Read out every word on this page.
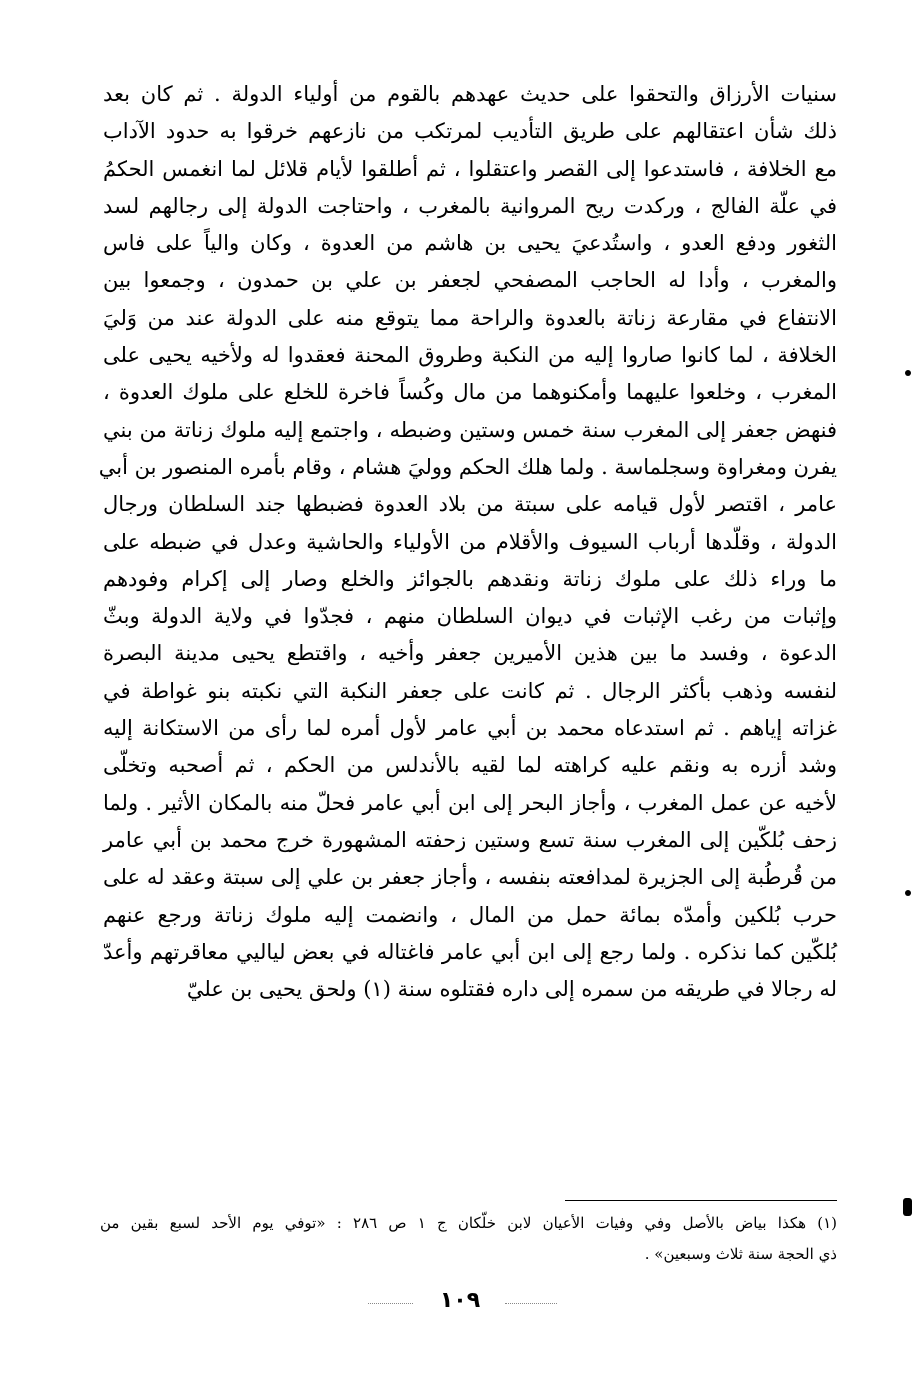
سنيات الأرزاق والتحقوا على حديث عهدهم بالقوم من أولياء الدولة . ثم كان بعد
ذلك شأن اعتقالهم على طريق التأديب لمرتكب من نازعهم خرقوا به حدود الآداب
مع الخلافة ، فاستدعوا إلى القصر واعتقلوا ، ثم أطلقوا لأيام قلائل لما انغمس الحكمُ
في علّة الفالج ، وركدت ريح المروانية بالمغرب ، واحتاجت الدولة إلى رجالهم لسد
الثغور ودفع العدو ، واستُدعيَ يحيى بن هاشم من العدوة ، وكان والياً على فاس
والمغرب ، وأدا له الحاجب المصفحي لجعفر بن علي بن حمدون ، وجمعوا بين
الانتفاع في مقارعة زناتة بالعدوة والراحة مما يتوقع منه على الدولة عند من وَليَ
الخلافة ، لما كانوا صاروا إليه من النكبة وطروق المحنة فعقدوا له ولأخيه يحيى على
المغرب ، وخلعوا عليهما وأمكنوهما من مال وكُساً فاخرة للخلع على ملوك العدوة ،
فنهض جعفر إلى المغرب سنة خمس وستين وضبطه ، واجتمع إليه ملوك زناتة من بني
يفرن ومغراوة وسجلماسة . ولما هلك الحكم ووليَ هشام ، وقام بأمره المنصور بن أبي
عامر ، اقتصر لأول قيامه على سبتة من بلاد العدوة فضبطها جند السلطان ورجال
الدولة ، وقلّدها أرباب السيوف والأقلام من الأولياء والحاشية وعدل في ضبطه على
ما وراء ذلك على ملوك زناتة ونقدهم بالجوائز والخلع وصار إلى إكرام وفودهم
وإثبات من رغب الإثبات في ديوان السلطان منهم ، فجدّوا في ولاية الدولة وبثّ
الدعوة ، وفسد ما بين هذين الأميرين جعفر وأخيه ، واقتطع يحيى مدينة البصرة
لنفسه وذهب بأكثر الرجال . ثم كانت على جعفر النكبة التي نكبته بنو غواطة في
غزاته إياهم . ثم استدعاه محمد بن أبي عامر لأول أمره لما رأى من الاستكانة إليه
وشد أزره به ونقم عليه كراهته لما لقيه بالأندلس من الحكم ، ثم أصحبه وتخلّى
لأخيه عن عمل المغرب ، وأجاز البحر إلى ابن أبي عامر فحلّ منه بالمكان الأثير . ولما
زحف بُلكّين إلى المغرب سنة تسع وستين زحفته المشهورة خرج محمد بن أبي عامر
من قُرطُبة إلى الجزيرة لمدافعته بنفسه ، وأجاز جعفر بن علي إلى سبتة وعقد له على
حرب بُلكين وأمدّه بمائة حمل من المال ، وانضمت إليه ملوك زناتة ورجع عنهم
بُلكّين كما نذكره . ولما رجع إلى ابن أبي عامر فاغتاله في بعض لياليي معاقرتهم وأعدّ
له رجالا في طريقه من سمره إلى داره فقتلوه سنة (١) ولحق يحيى بن عليّ
(١) هكذا بياض بالأصل وفي وفيات الأعيان لابن خلّكان ج ١ ص ٢٨٦ : «توفي يوم الأحد لسبع بقين من
ذي الحجة سنة ثلاث وسبعين» .
١٠٩
